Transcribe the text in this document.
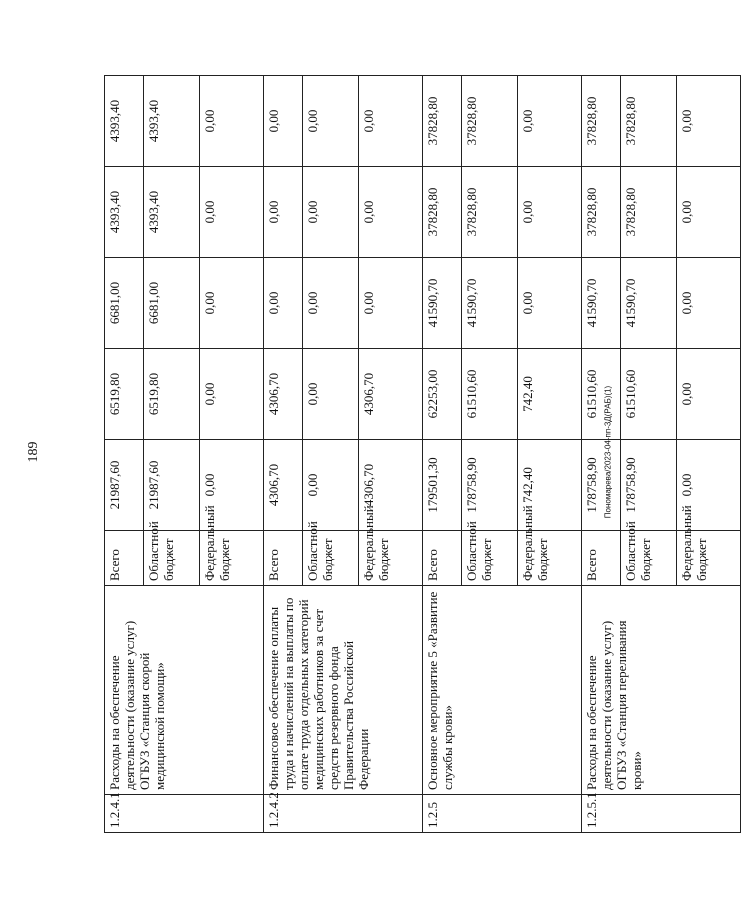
189	Пономарева/2023-04-пп-3Д(РАБ)(1)
1.2.4.1	Расходы на обеспечение деятельности (оказание услуг) ОГБУЗ «Станция скорой медицинской помощи»	Всего	21987,60	6519,80	6681,00	4393,40	4393,40
		Областной бюджет	21987,60	6519,80	6681,00	4393,40	4393,40
		Федеральный бюджет	0,00	0,00	0,00	0,00	0,00
1.2.4.2	Финансовое обеспечение оплаты труда и начислений на выплаты по оплате труда отдельных категорий медицинских работников за счет средств резервного фонда Правительства Российской Федерации	Всего	4306,70	4306,70	0,00	0,00	0,00
		Областной бюджет	0,00	0,00	0,00	0,00	0,00
		Федеральный бюджет	4306,70	4306,70	0,00	0,00	0,00
1.2.5	Основное мероприятие 5 «Развитие службы крови»	Всего	179501,30	62253,00	41590,70	37828,80	37828,80
		Областной бюджет	178758,90	61510,60	41590,70	37828,80	37828,80
		Федеральный бюджет	742,40	742,40	0,00	0,00	0,00
1.2.5.1	Расходы на обеспечение деятельности (оказание услуг) ОГБУЗ «Станция переливания крови»	Всего	178758,90	61510,60	41590,70	37828,80	37828,80
		Областной бюджет	178758,90	61510,60	41590,70	37828,80	37828,80
		Федеральный бюджет	0,00	0,00	0,00	0,00	0,00
